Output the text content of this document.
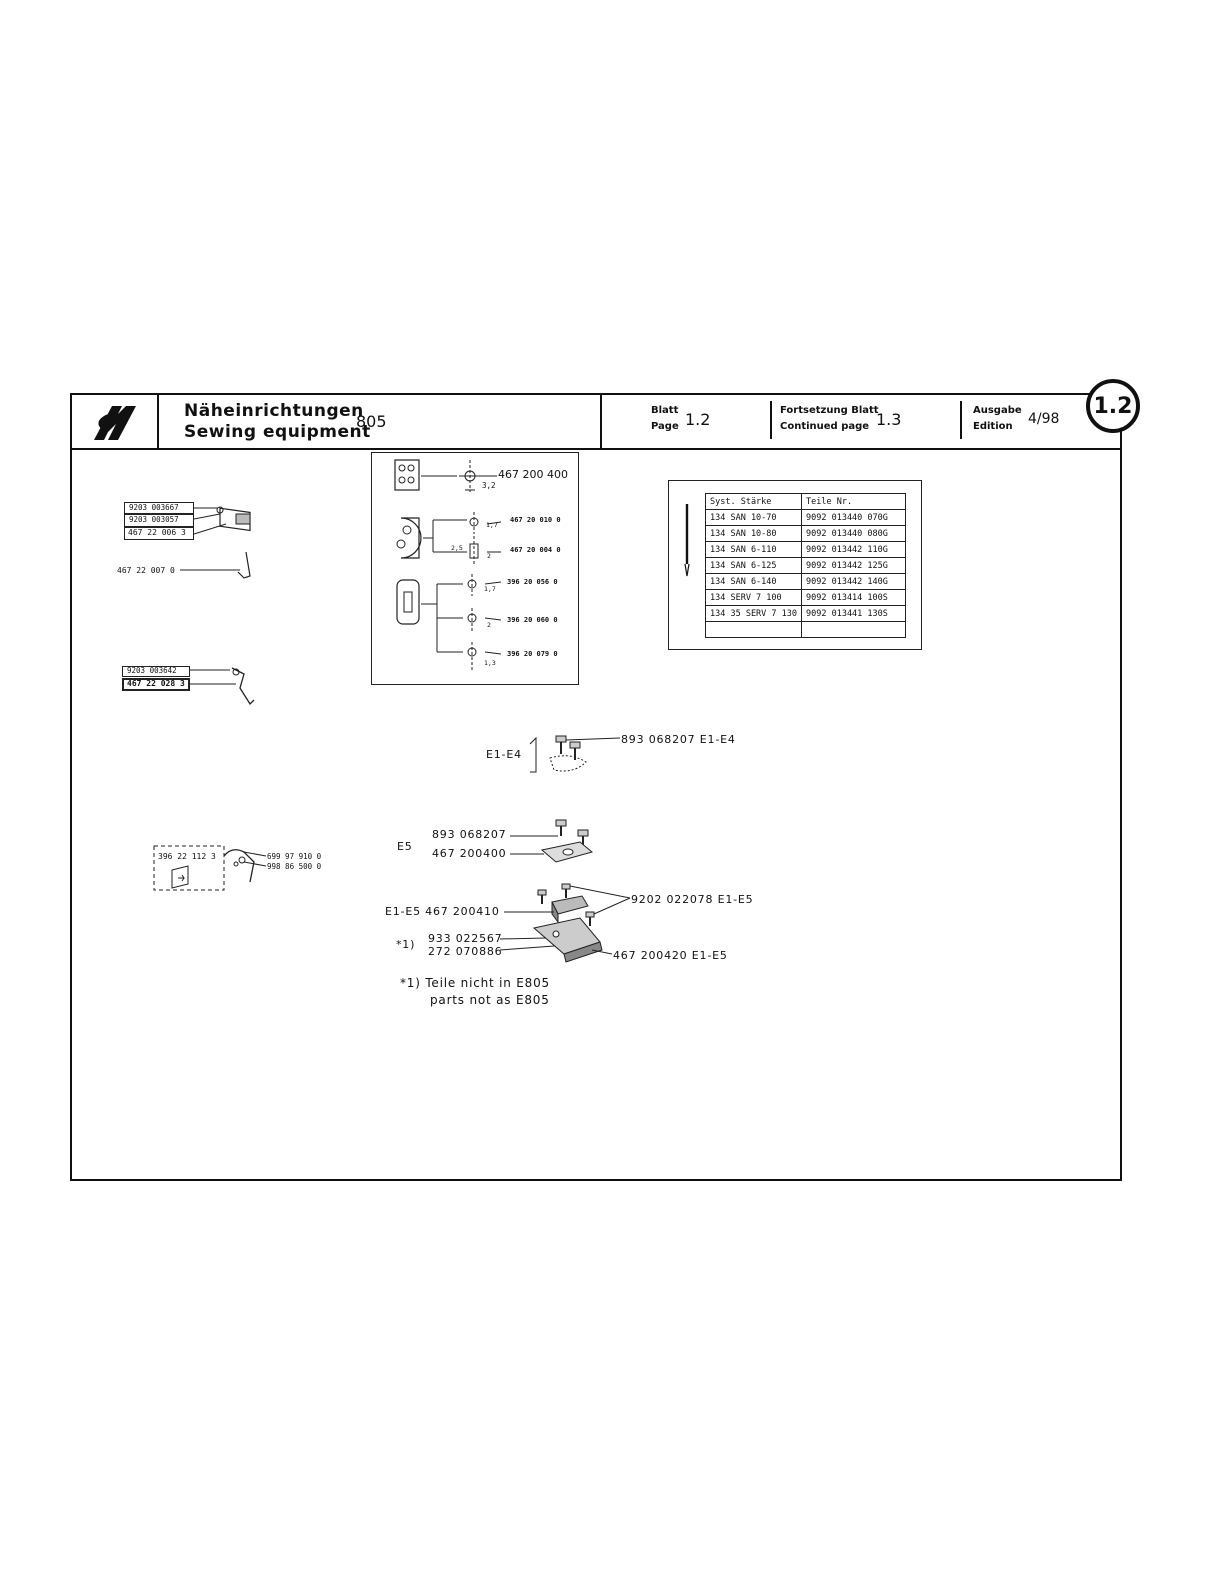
Näheinrichtungen
Sewing equipment
805
Blatt
Page 1.2	Fortsetzung Blatt
Continued page 1.3	Ausgabe
Edition 4/98
1.2
9203 003667
9203 003057
467 22 006 3
467 22 007 0
9203 003642
467 22 028 3
396 22 112 3	699 97 910 0
998 86 500 0
467 200 400
3,2
467 20 010 0
467 20 004 0
1,7
2,5
2
396 20 056 0
396 20 060 0
396 20 079 0
1,7
2
1,3
Syst. Stärke	Teile Nr.
134 SAN 10-70	9092 013440 070G
134 SAN 10-80	9092 013440 080G
134 SAN 6-110	9092 013442 110G
134 SAN 6-125	9092 013442 125G
134 SAN 6-140	9092 013442 140G
134 SERV 7 100	9092 013414 100S
134 35 SERV 7 130	9092 013441 130S

E1-E4
893 068207 E1-E4
E5
893 068207
467 200400
E1-E5 467 200410
9202 022078 E1-E5
*1) 933 022567
272 070886	467 200420 E1-E5
*1) Teile nicht in E805
parts not as E805
